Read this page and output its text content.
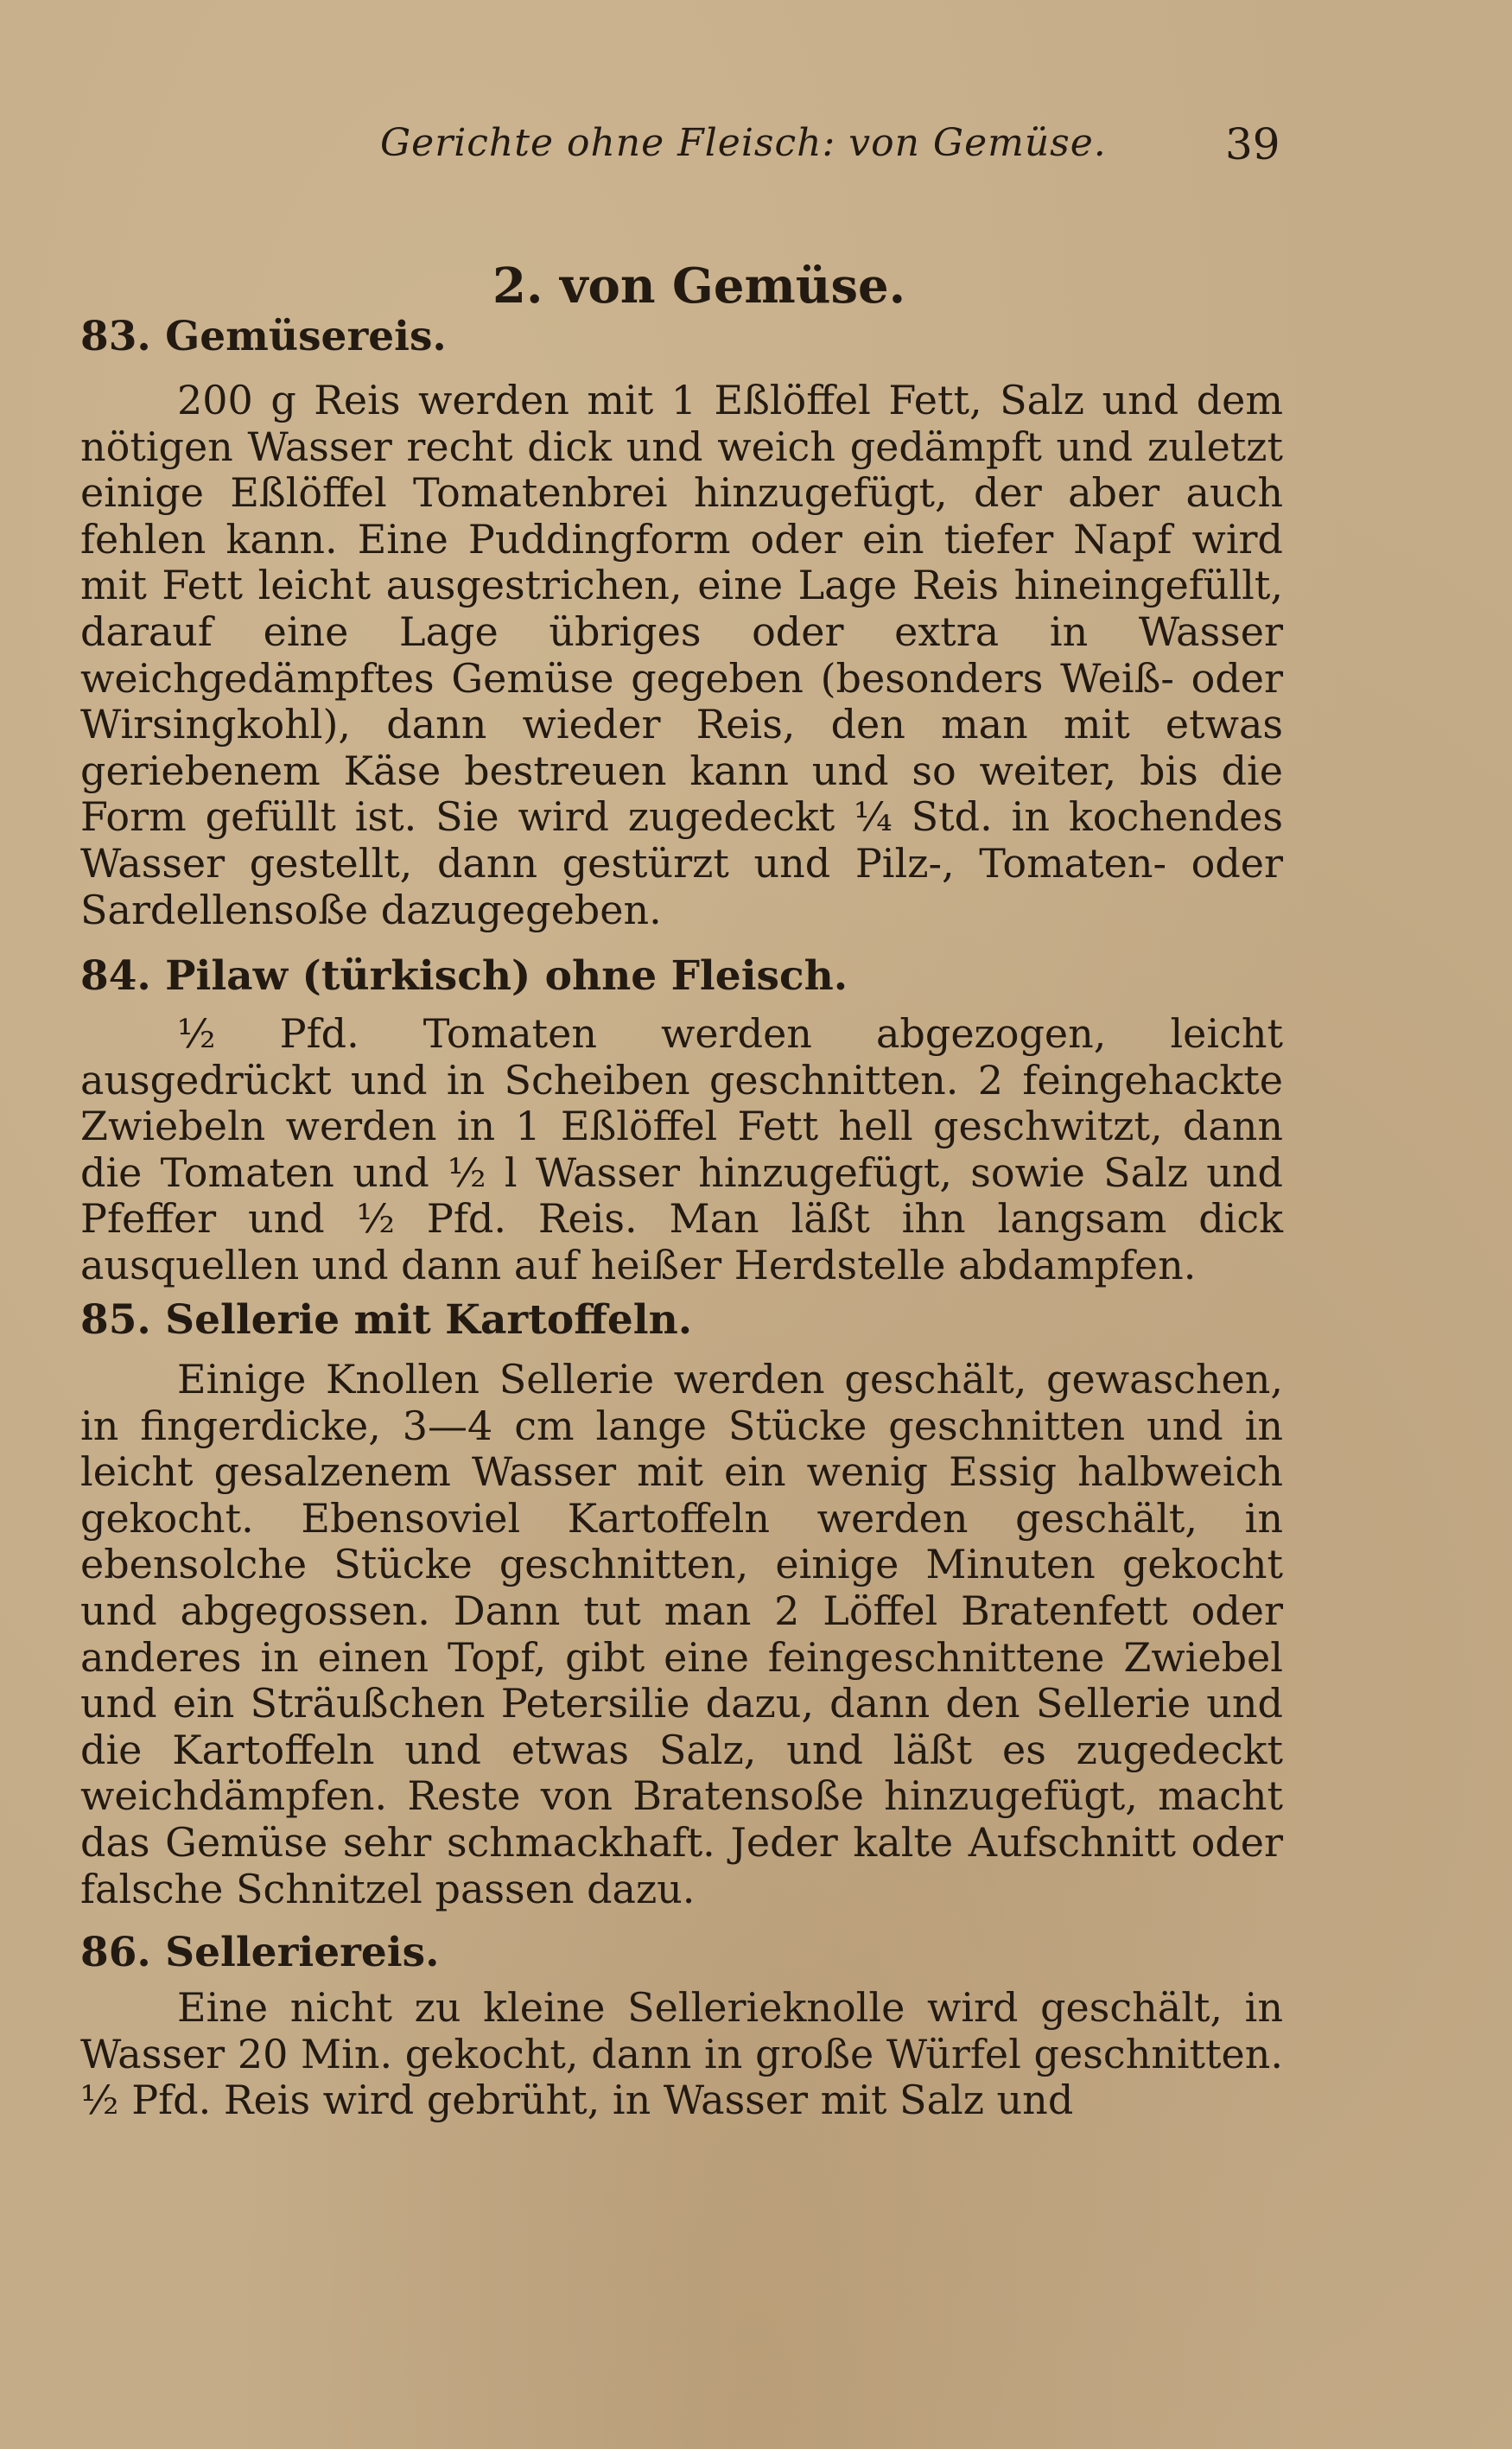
Gerichte ohne Fleisch: von Gemüse.	39
2. von Gemüse.
83. Gemüsereis.

200 g Reis werden mit 1 Eßlöffel Fett, Salz und dem nötigen Wasser recht dick und weich gedämpft und zuletzt einige Eßlöffel Tomatenbrei hinzugefügt, der aber auch fehlen kann. Eine Puddingform oder ein tiefer Napf wird mit Fett leicht ausgestrichen, eine Lage Reis hineingefüllt, darauf eine Lage übriges oder extra in Wasser weichgedämpftes Gemüse gegeben (besonders Weiß- oder Wirsingkohl), dann wieder Reis, den man mit etwas geriebenem Käse bestreuen kann und so weiter, bis die Form gefüllt ist. Sie wird zugedeckt ¼ Std. in kochendes Wasser gestellt, dann gestürzt und Pilz-, Tomaten- oder Sardellensoße dazugegeben.

84. Pilaw (türkisch) ohne Fleisch.

½ Pfd. Tomaten werden abgezogen, leicht ausgedrückt und in Scheiben geschnitten. 2 feingehackte Zwiebeln werden in 1 Eßlöffel Fett hell geschwitzt, dann die Tomaten und ½ l Wasser hinzugefügt, sowie Salz und Pfeffer und ½ Pfd. Reis. Man läßt ihn langsam dick ausquellen und dann auf heißer Herdstelle abdampfen.

85. Sellerie mit Kartoffeln.

Einige Knollen Sellerie werden geschält, gewaschen, in fingerdicke, 3—4 cm lange Stücke geschnitten und in leicht gesalzenem Wasser mit ein wenig Essig halbweich gekocht. Ebensoviel Kartoffeln werden geschält, in ebensolche Stücke geschnitten, einige Minuten gekocht und abgegossen. Dann tut man 2 Löffel Bratenfett oder anderes in einen Topf, gibt eine feingeschnittene Zwiebel und ein Sträußchen Petersilie dazu, dann den Sellerie und die Kartoffeln und etwas Salz, und läßt es zugedeckt weichdämpfen. Reste von Bratensoße hinzugefügt, macht das Gemüse sehr schmackhaft. Jeder kalte Aufschnitt oder falsche Schnitzel passen dazu.

86. Selleriereis.

Eine nicht zu kleine Sellerieknolle wird geschält, in Wasser 20 Min. gekocht, dann in große Würfel geschnitten. ½ Pfd. Reis wird gebrüht, in Wasser mit Salz und
